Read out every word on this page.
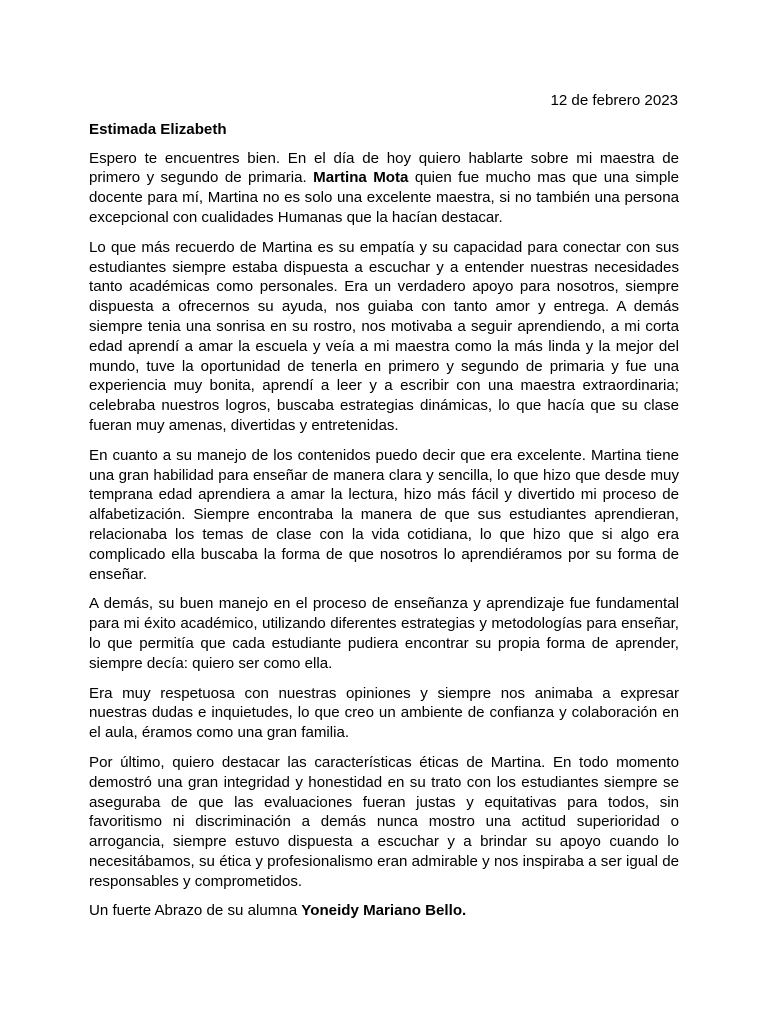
12 de febrero 2023

Estimada Elizabeth

Espero te encuentres bien. En el día de hoy quiero hablarte sobre mi maestra de primero y segundo de primaria. Martina Mota quien fue mucho mas que una simple docente para mí, Martina no es solo una excelente maestra, si no también una persona excepcional con cualidades Humanas que la hacían destacar.

Lo que más recuerdo de Martina es su empatía y su capacidad para conectar con sus estudiantes siempre estaba dispuesta a escuchar y a entender nuestras necesidades tanto académicas como personales. Era un verdadero apoyo para nosotros, siempre dispuesta a ofrecernos su ayuda, nos guiaba con tanto amor y entrega. A demás siempre tenia una sonrisa en su rostro, nos motivaba a seguir aprendiendo, a mi corta edad aprendí a amar la escuela y veía a mi maestra como la más linda y la mejor del mundo, tuve la oportunidad de tenerla en primero y segundo de primaria y fue una experiencia muy bonita, aprendí a leer y a escribir con una maestra extraordinaria; celebraba nuestros logros, buscaba estrategias dinámicas, lo que hacía que su clase fueran muy amenas, divertidas y entretenidas.

En cuanto a su manejo de los contenidos puedo decir que era excelente. Martina tiene una gran habilidad para enseñar de manera clara y sencilla, lo que hizo que desde muy temprana edad aprendiera a amar la lectura, hizo más fácil y divertido mi proceso de alfabetización. Siempre encontraba la manera de que sus estudiantes aprendieran, relacionaba los temas de clase con la vida cotidiana, lo que hizo que si algo era complicado ella buscaba la forma de que nosotros lo aprendiéramos por su forma de enseñar.

A demás, su buen manejo en el proceso de enseñanza y aprendizaje fue fundamental para mi éxito académico, utilizando diferentes estrategias y metodologías para enseñar, lo que permitía que cada estudiante pudiera encontrar su propia forma de aprender, siempre decía: quiero ser como ella.

Era muy respetuosa con nuestras opiniones y siempre nos animaba a expresar nuestras dudas e inquietudes, lo que creo un ambiente de confianza y colaboración en el aula, éramos como una gran familia.

Por último, quiero destacar las características éticas de Martina. En todo momento demostró una gran integridad y honestidad en su trato con los estudiantes siempre se aseguraba de que las evaluaciones fueran justas y equitativas para todos, sin favoritismo ni discriminación a demás nunca mostro una actitud superioridad o arrogancia, siempre estuvo dispuesta a escuchar y a brindar su apoyo cuando lo necesitábamos, su ética y profesionalismo eran admirable y nos inspiraba a ser igual de responsables y comprometidos.

Un fuerte Abrazo de su alumna Yoneidy Mariano Bello.
